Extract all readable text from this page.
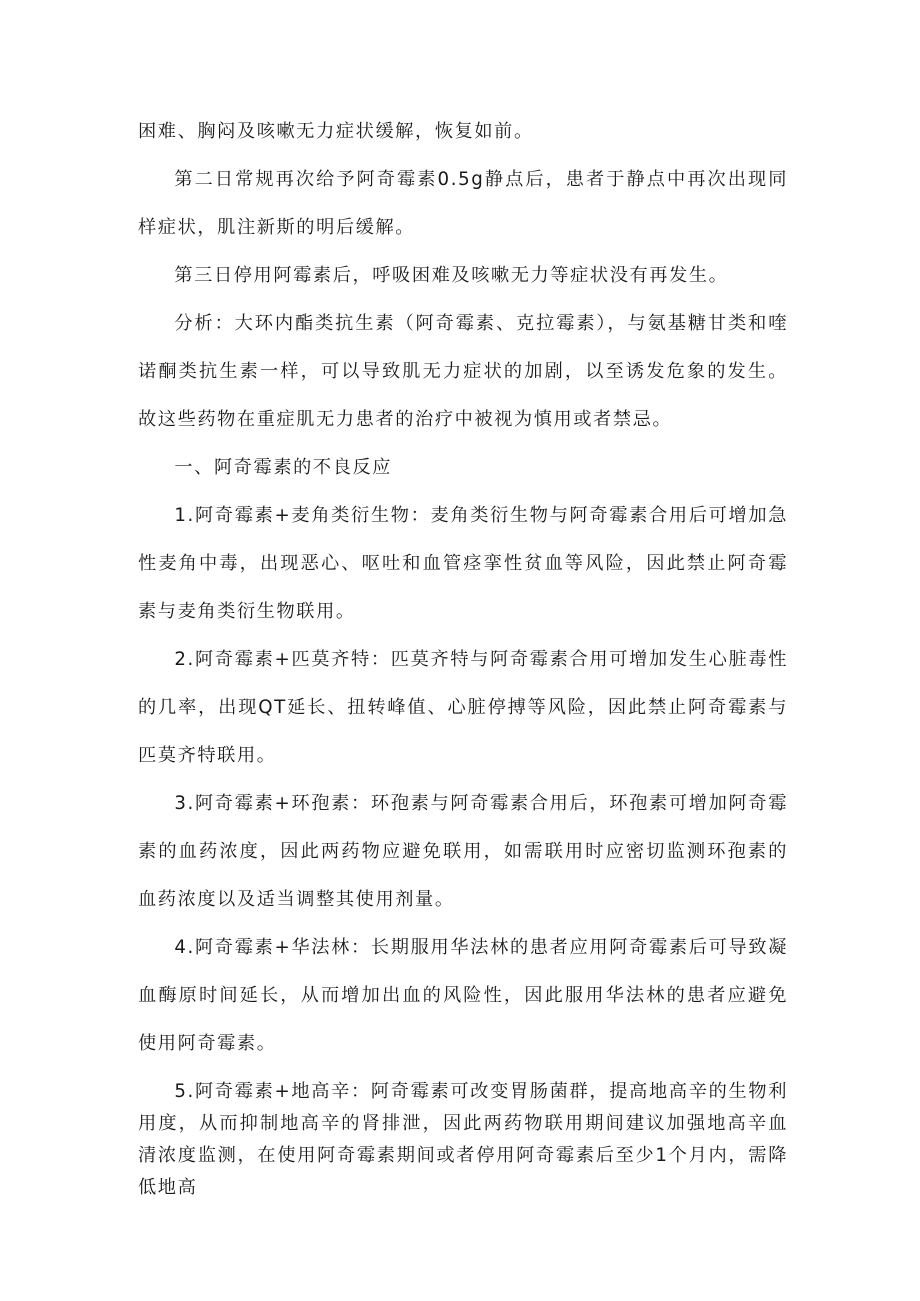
困难、胸闷及咳嗽无力症状缓解，恢复如前。

第二日常规再次给予阿奇霉素0.5g静点后，患者于静点中再次出现同样症状，肌注新斯的明后缓解。

第三日停用阿霉素后，呼吸困难及咳嗽无力等症状没有再发生。

分析：大环内酯类抗生素（阿奇霉素、克拉霉素），与氨基糖甘类和喹诺酮类抗生素一样，可以导致肌无力症状的加剧，以至诱发危象的发生。故这些药物在重症肌无力患者的治疗中被视为慎用或者禁忌。

一、阿奇霉素的不良反应

1.阿奇霉素+麦角类衍生物：麦角类衍生物与阿奇霉素合用后可增加急性麦角中毒，出现恶心、呕吐和血管痉挛性贫血等风险，因此禁止阿奇霉素与麦角类衍生物联用。

2.阿奇霉素+匹莫齐特：匹莫齐特与阿奇霉素合用可增加发生心脏毒性的几率，出现QT延长、扭转峰值、心脏停搏等风险，因此禁止阿奇霉素与匹莫齐特联用。

3.阿奇霉素+环孢素：环孢素与阿奇霉素合用后，环孢素可增加阿奇霉素的血药浓度，因此两药物应避免联用，如需联用时应密切监测环孢素的血药浓度以及适当调整其使用剂量。

4.阿奇霉素+华法林：长期服用华法林的患者应用阿奇霉素后可导致凝血酶原时间延长，从而增加出血的风险性，因此服用华法林的患者应避免使用阿奇霉素。

5.阿奇霉素+地高辛：阿奇霉素可改变胃肠菌群，提高地高辛的生物利用度，从而抑制地高辛的肾排泄，因此两药物联用期间建议加强地高辛血清浓度监测，在使用阿奇霉素期间或者停用阿奇霉素后至少1个月内，需降低地高
